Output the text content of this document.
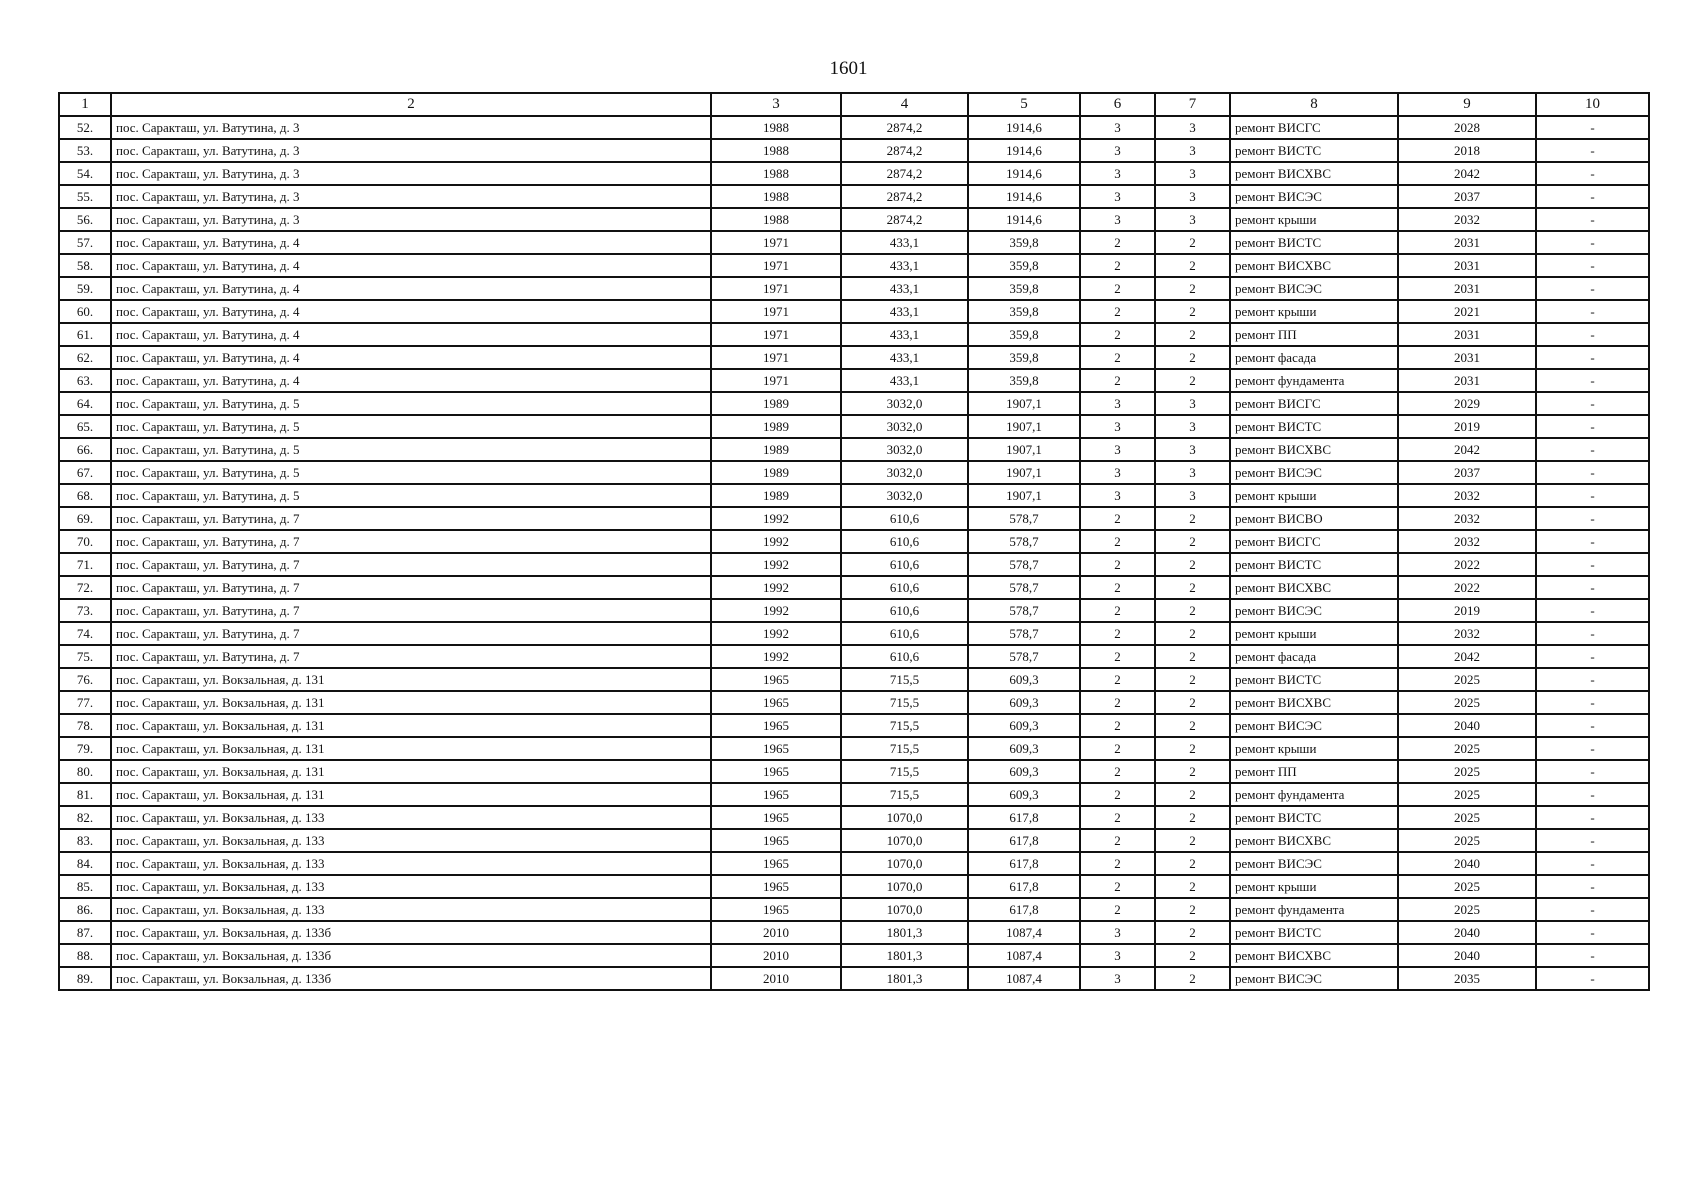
1601
1	2	3	4	5	6	7	8	9	10
52.	пос. Саракташ, ул. Ватутина, д. 3	1988	2874,2	1914,6	3	3	ремонт ВИСГС	2028	-
53.	пос. Саракташ, ул. Ватутина, д. 3	1988	2874,2	1914,6	3	3	ремонт ВИСТС	2018	-
54.	пос. Саракташ, ул. Ватутина, д. 3	1988	2874,2	1914,6	3	3	ремонт ВИСХВС	2042	-
55.	пос. Саракташ, ул. Ватутина, д. 3	1988	2874,2	1914,6	3	3	ремонт ВИСЭС	2037	-
56.	пос. Саракташ, ул. Ватутина, д. 3	1988	2874,2	1914,6	3	3	ремонт крыши	2032	-
57.	пос. Саракташ, ул. Ватутина, д. 4	1971	433,1	359,8	2	2	ремонт ВИСТС	2031	-
58.	пос. Саракташ, ул. Ватутина, д. 4	1971	433,1	359,8	2	2	ремонт ВИСХВС	2031	-
59.	пос. Саракташ, ул. Ватутина, д. 4	1971	433,1	359,8	2	2	ремонт ВИСЭС	2031	-
60.	пос. Саракташ, ул. Ватутина, д. 4	1971	433,1	359,8	2	2	ремонт крыши	2021	-
61.	пос. Саракташ, ул. Ватутина, д. 4	1971	433,1	359,8	2	2	ремонт ПП	2031	-
62.	пос. Саракташ, ул. Ватутина, д. 4	1971	433,1	359,8	2	2	ремонт фасада	2031	-
63.	пос. Саракташ, ул. Ватутина, д. 4	1971	433,1	359,8	2	2	ремонт фундамента	2031	-
64.	пос. Саракташ, ул. Ватутина, д. 5	1989	3032,0	1907,1	3	3	ремонт ВИСГС	2029	-
65.	пос. Саракташ, ул. Ватутина, д. 5	1989	3032,0	1907,1	3	3	ремонт ВИСТС	2019	-
66.	пос. Саракташ, ул. Ватутина, д. 5	1989	3032,0	1907,1	3	3	ремонт ВИСХВС	2042	-
67.	пос. Саракташ, ул. Ватутина, д. 5	1989	3032,0	1907,1	3	3	ремонт ВИСЭС	2037	-
68.	пос. Саракташ, ул. Ватутина, д. 5	1989	3032,0	1907,1	3	3	ремонт крыши	2032	-
69.	пос. Саракташ, ул. Ватутина, д. 7	1992	610,6	578,7	2	2	ремонт ВИСВО	2032	-
70.	пос. Саракташ, ул. Ватутина, д. 7	1992	610,6	578,7	2	2	ремонт ВИСГС	2032	-
71.	пос. Саракташ, ул. Ватутина, д. 7	1992	610,6	578,7	2	2	ремонт ВИСТС	2022	-
72.	пос. Саракташ, ул. Ватутина, д. 7	1992	610,6	578,7	2	2	ремонт ВИСХВС	2022	-
73.	пос. Саракташ, ул. Ватутина, д. 7	1992	610,6	578,7	2	2	ремонт ВИСЭС	2019	-
74.	пос. Саракташ, ул. Ватутина, д. 7	1992	610,6	578,7	2	2	ремонт крыши	2032	-
75.	пос. Саракташ, ул. Ватутина, д. 7	1992	610,6	578,7	2	2	ремонт фасада	2042	-
76.	пос. Саракташ, ул. Вокзальная, д. 131	1965	715,5	609,3	2	2	ремонт ВИСТС	2025	-
77.	пос. Саракташ, ул. Вокзальная, д. 131	1965	715,5	609,3	2	2	ремонт ВИСХВС	2025	-
78.	пос. Саракташ, ул. Вокзальная, д. 131	1965	715,5	609,3	2	2	ремонт ВИСЭС	2040	-
79.	пос. Саракташ, ул. Вокзальная, д. 131	1965	715,5	609,3	2	2	ремонт крыши	2025	-
80.	пос. Саракташ, ул. Вокзальная, д. 131	1965	715,5	609,3	2	2	ремонт ПП	2025	-
81.	пос. Саракташ, ул. Вокзальная, д. 131	1965	715,5	609,3	2	2	ремонт фундамента	2025	-
82.	пос. Саракташ, ул. Вокзальная, д. 133	1965	1070,0	617,8	2	2	ремонт ВИСТС	2025	-
83.	пос. Саракташ, ул. Вокзальная, д. 133	1965	1070,0	617,8	2	2	ремонт ВИСХВС	2025	-
84.	пос. Саракташ, ул. Вокзальная, д. 133	1965	1070,0	617,8	2	2	ремонт ВИСЭС	2040	-
85.	пос. Саракташ, ул. Вокзальная, д. 133	1965	1070,0	617,8	2	2	ремонт крыши	2025	-
86.	пос. Саракташ, ул. Вокзальная, д. 133	1965	1070,0	617,8	2	2	ремонт фундамента	2025	-
87.	пос. Саракташ, ул. Вокзальная, д. 133б	2010	1801,3	1087,4	3	2	ремонт ВИСТС	2040	-
88.	пос. Саракташ, ул. Вокзальная, д. 133б	2010	1801,3	1087,4	3	2	ремонт ВИСХВС	2040	-
89.	пос. Саракташ, ул. Вокзальная, д. 133б	2010	1801,3	1087,4	3	2	ремонт ВИСЭС	2035	-
